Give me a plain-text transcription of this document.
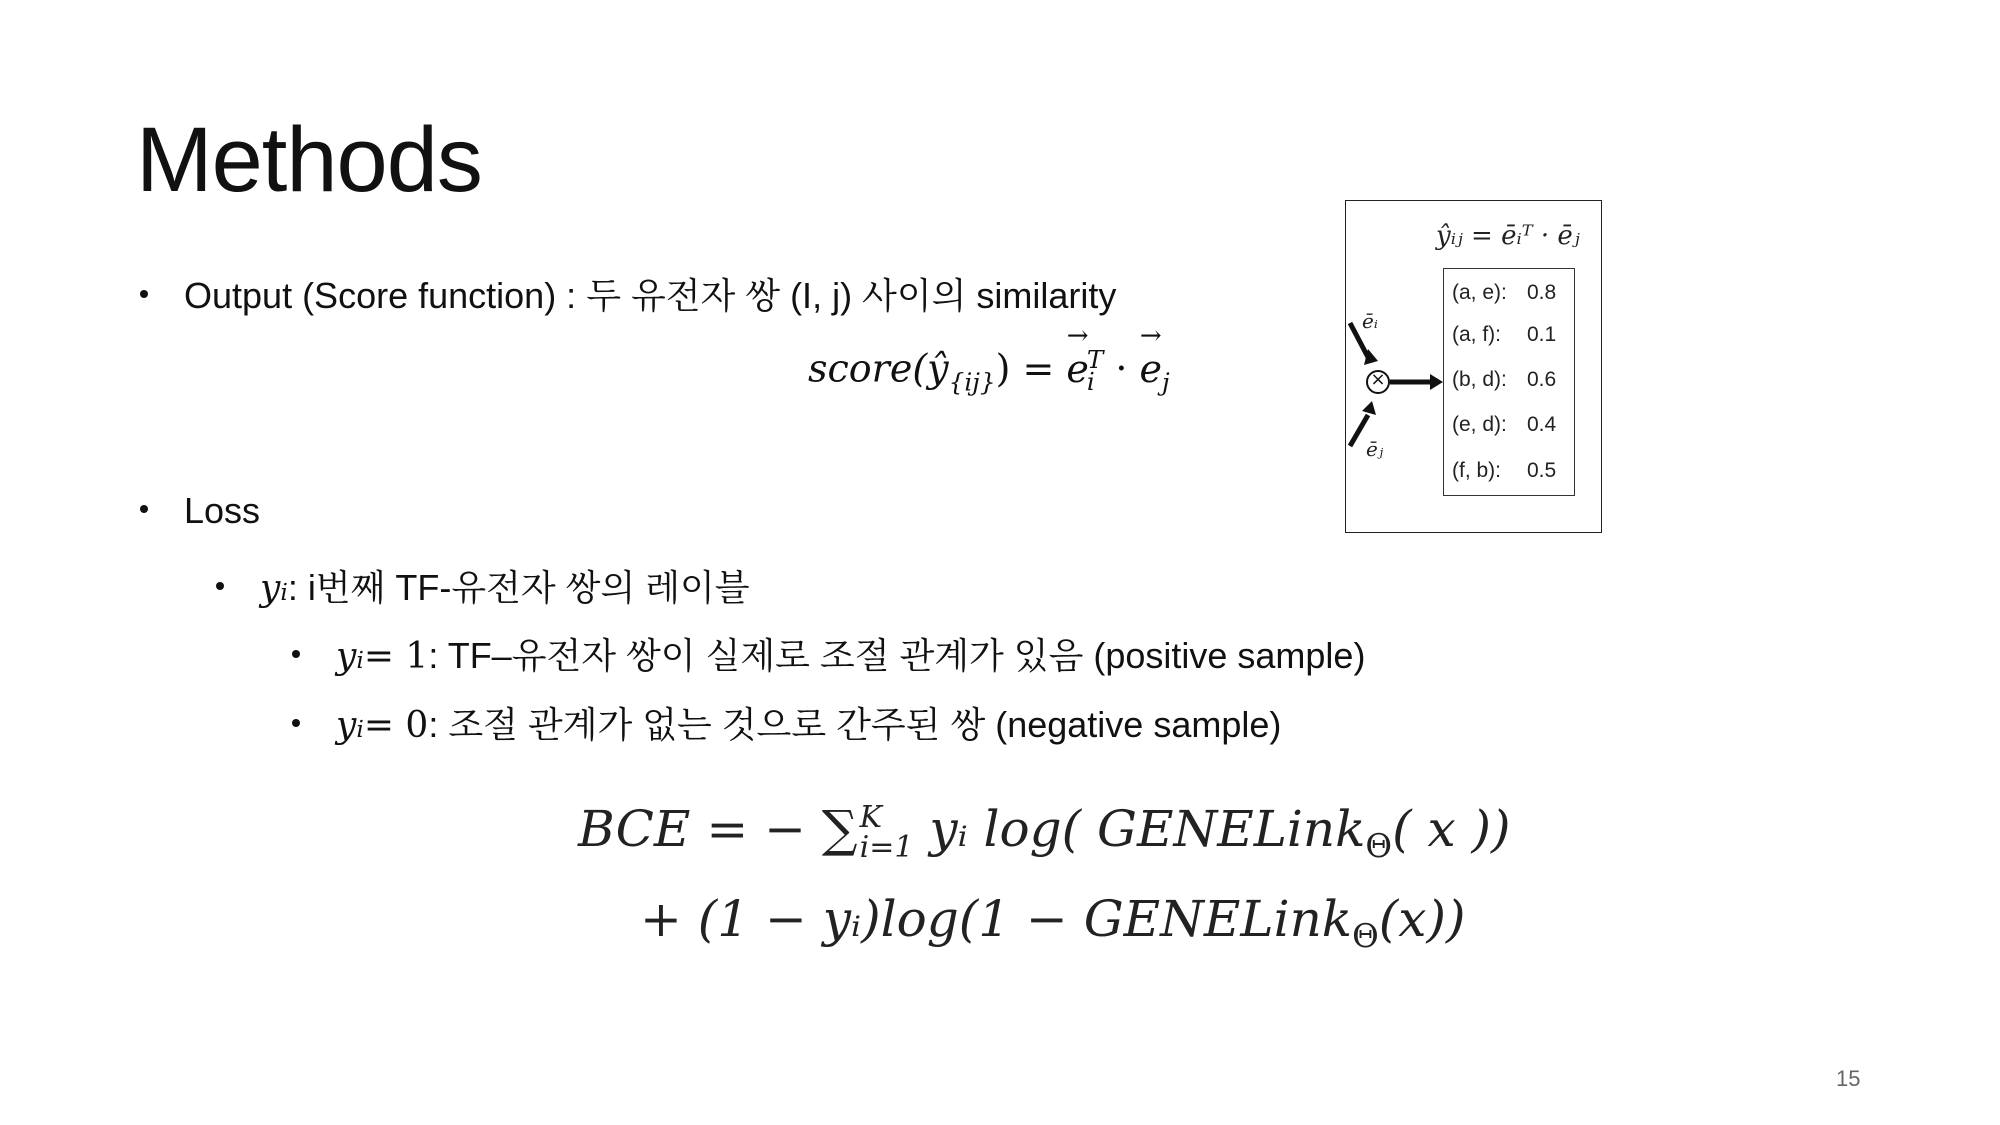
Methods
Output (Score function) : 두 유전자 쌍 (I, j) 사이의 similarity
$score(ŷ_{\{ij\}})$ = → $e_i^T$ · → $e_j$
Loss
y i : i번째 TF-유전자 쌍의 레이블
y i = 1 : TF–유전자 쌍이 실제로 조절 관계가 있음 (positive sample)
y i = 0 : 조절 관계가 없는 것으로 간주된 쌍 (negative sample)
BCE = − ∑ K
i=1 yᵢ log( GENELink$_\Theta$( x ))
+ (1 − yᵢ)log(1 − GENELink$_\Theta$(x))
ŷᵢⱼ = ēᵢᵀ · ēⱼ
ēᵢ
ēⱼ
×
(a, e): 0.8
(a, f): 0.1
(b, d): 0.6
(e, d): 0.4
(f, b): 0.5
15
